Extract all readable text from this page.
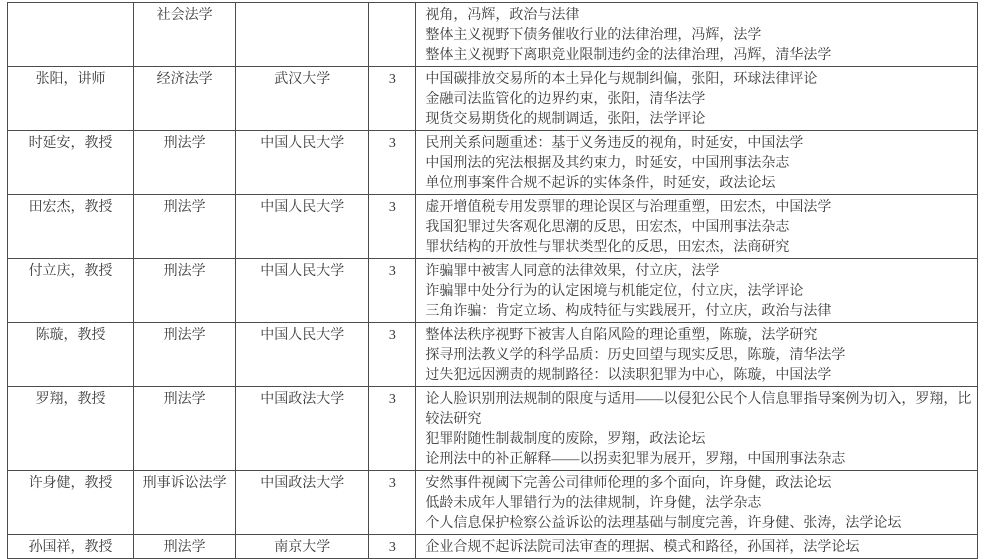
	社会法学			视角，冯辉，政治与法律
整体主义视野下债务催收行业的法律治理，冯辉，法学
整体主义视野下离职竞业限制违约金的法律治理，冯辉，清华法学

张阳，讲师	经济法学	武汉大学	3	中国碳排放交易所的本土异化与规制纠偏，张阳，环球法律评论
金融司法监管化的边界约束，张阳，清华法学
现货交易期货化的规制调适，张阳，法学评论

时延安，教授	刑法学	中国人民大学	3	民刑关系问题重述：基于义务违反的视角，时延安，中国法学
中国刑法的宪法根据及其约束力，时延安，中国刑事法杂志
单位刑事案件合规不起诉的实体条件，时延安，政法论坛

田宏杰，教授	刑法学	中国人民大学	3	虚开增值税专用发票罪的理论误区与治理重塑，田宏杰，中国法学
我国犯罪过失客观化思潮的反思，田宏杰，中国刑事法杂志
罪状结构的开放性与罪状类型化的反思，田宏杰，法商研究

付立庆，教授	刑法学	中国人民大学	3	诈骗罪中被害人同意的法律效果，付立庆，法学
诈骗罪中处分行为的认定困境与机能定位，付立庆，法学评论
三角诈骗：肯定立场、构成特征与实践展开，付立庆，政治与法律

陈璇，教授	刑法学	中国人民大学	3	整体法秩序视野下被害人自陷风险的理论重塑，陈璇，法学研究
探寻刑法教义学的科学品质：历史回望与现实反思，陈璇，清华法学
过失犯远因溯责的规制路径：以渎职犯罪为中心，陈璇，中国法学

罗翔，教授	刑法学	中国政法大学	3	论人脸识别刑法规制的限度与适用——以侵犯公民个人信息罪指导案例为切入，罗翔，比较法研究
犯罪附随性制裁制度的废除，罗翔，政法论坛
论刑法中的补正解释——以拐卖犯罪为展开，罗翔，中国刑事法杂志

许身健，教授	刑事诉讼法学	中国政法大学	3	安然事件视阈下完善公司律师伦理的多个面向，许身健，政法论坛
低龄未成年人罪错行为的法律规制，许身健，法学杂志
个人信息保护检察公益诉讼的法理基础与制度完善，许身健、张涛，法学论坛

孙国祥，教授	刑法学	南京大学	3	企业合规不起诉法院司法审查的理据、模式和路径，孙国祥，法学论坛
